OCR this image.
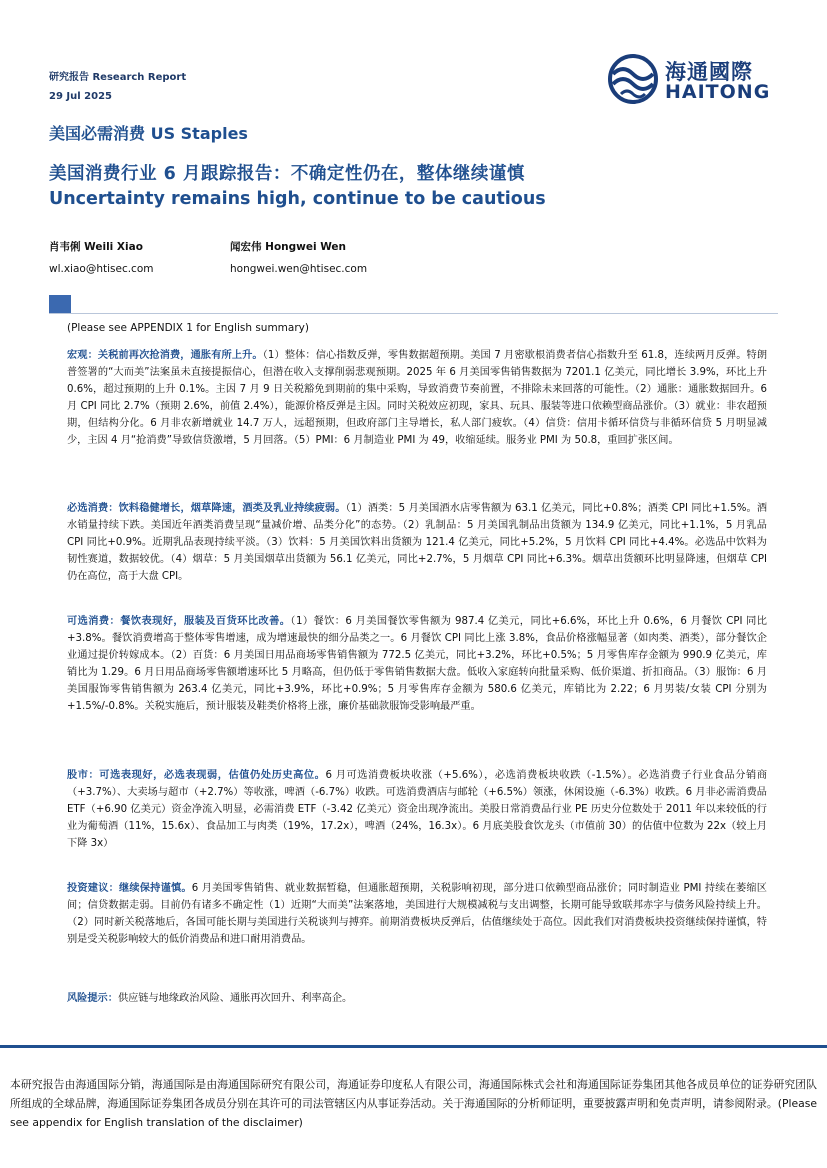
研究报告 Research Report
29 Jul 2025
海通國際
HAITONG
美国必需消费 US Staples
美国消费行业 6 月跟踪报告：不确定性仍在，整体继续谨慎
Uncertainty remains high, continue to be cautious
肖韦俐 Weili Xiao
wl.xiao@htisec.com
闻宏伟 Hongwei Wen
hongwei.wen@htisec.com
(Please see APPENDIX 1 for English summary)
宏观：关税前再次抢消费，通胀有所上升。（1）整体：信心指数反弹，零售数据超预期。美国 7 月密歇根消费者信心指数升至 61.8，连续两月反弹。特朗普签署的“大而美”法案虽未直接提振信心，但潜在收入支撑削弱悲观预期。2025 年 6 月美国零售销售数据为 7201.1 亿美元，同比增长 3.9%，环比上升 0.6%，超过预期的上升 0.1%。主因 7 月 9 日关税豁免到期前的集中采购，导致消费节奏前置，不排除未来回落的可能性。（2）通胀：通胀数据回升。6 月 CPI 同比 2.7%（预期 2.6%，前值 2.4%），能源价格反弹是主因。同时关税效应初现，家具、玩具、服装等进口依赖型商品涨价。（3）就业：非农超预期，但结构分化。6 月非农新增就业 14.7 万人，远超预期，但政府部门主导增长，私人部门疲软。（4）信贷：信用卡循环信贷与非循环信贷 5 月明显减少，主因 4 月“抢消费”导致信贷激增，5 月回落。（5）PMI：6 月制造业 PMI 为 49，收缩延续。服务业 PMI 为 50.8，重回扩张区间。
必选消费：饮料稳健增长，烟草降速，酒类及乳业持续疲弱。（1）酒类：5 月美国酒水店零售额为 63.1 亿美元，同比+0.8%；酒类 CPI 同比+1.5%。酒水销量持续下跌。美国近年酒类消费呈现“量减价增、品类分化”的态势。（2）乳制品：5 月美国乳制品出货额为 134.9 亿美元，同比+1.1%，5 月乳品 CPI 同比+0.9%。近期乳品表现持续平淡。（3）饮料：5 月美国饮料出货额为 121.4 亿美元，同比+5.2%，5 月饮料 CPI 同比+4.4%。必选品中饮料为韧性赛道，数据较优。（4）烟草：5 月美国烟草出货额为 56.1 亿美元，同比+2.7%，5 月烟草 CPI 同比+6.3%。烟草出货额环比明显降速，但烟草 CPI 仍在高位，高于大盘 CPI。
可选消费：餐饮表现好，服装及百货环比改善。（1）餐饮：6 月美国餐饮零售额为 987.4 亿美元，同比+6.6%，环比上升 0.6%，6 月餐饮 CPI 同比+3.8%。餐饮消费增高于整体零售增速，成为增速最快的细分品类之一。6 月餐饮 CPI 同比上涨 3.8%，食品价格涨幅显著（如肉类、酒类），部分餐饮企业通过提价转嫁成本。（2）百货：6 月美国日用品商场零售销售额为 772.5 亿美元，同比+3.2%，环比+0.5%；5 月零售库存金额为 990.9 亿美元，库销比为 1.29。6 月日用品商场零售额增速环比 5 月略高，但仍低于零售销售数据大盘。低收入家庭转向批量采购、低价渠道、折扣商品。（3）服饰：6 月美国服饰零售销售额为 263.4 亿美元，同比+3.9%，环比+0.9%；5 月零售库存金额为 580.6 亿美元，库销比为 2.22；6 月男装/女装 CPI 分别为+1.5%/-0.8%。关税实施后，预计服装及鞋类价格将上涨，廉价基础款服饰受影响最严重。
股市：可选表现好，必选表现弱，估值仍处历史高位。6 月可选消费板块收涨（+5.6%），必选消费板块收跌（-1.5%）。必选消费子行业食品分销商（+3.7%）、大卖场与超市（+2.7%）等收涨，啤酒（-6.7%）收跌。可选消费酒店与邮轮（+6.5%）领涨，休闲设施（-6.3%）收跌。6 月非必需消费品 ETF（+6.90 亿美元）资金净流入明显，必需消费 ETF（-3.42 亿美元）资金出现净流出。美股日常消费品行业 PE 历史分位数处于 2011 年以来较低的行业为葡萄酒（11%，15.6x）、食品加工与肉类（19%，17.2x），啤酒（24%，16.3x）。6 月底美股食饮龙头（市值前 30）的估值中位数为 22x（较上月下降 3x）
投资建议：继续保持谨慎。6 月美国零售销售、就业数据暂稳，但通胀超预期，关税影响初现，部分进口依赖型商品涨价；同时制造业 PMI 持续在萎缩区间；信贷数据走弱。目前仍有诸多不确定性（1）近期“大而美”法案落地，美国进行大规模减税与支出调整，长期可能导致联邦赤字与债务风险持续上升。（2）同时新关税落地后，各国可能长期与美国进行关税谈判与搏弈。前期消费板块反弹后，估值继续处于高位。因此我们对消费板块投资继续保持谨慎，特别是受关税影响较大的低价消费品和进口耐用消费品。
风险提示：供应链与地缘政治风险、通胀再次回升、利率高企。
本研究报告由海通国际分销，海通国际是由海通国际研究有限公司，海通证券印度私人有限公司，海通国际株式会社和海通国际证券集团其他各成员单位的证券研究团队所组成的全球品牌，海通国际证券集团各成员分别在其许可的司法管辖区内从事证券活动。关于海通国际的分析师证明，重要披露声明和免责声明，请参阅附录。(Please see appendix for English translation of the disclaimer)
